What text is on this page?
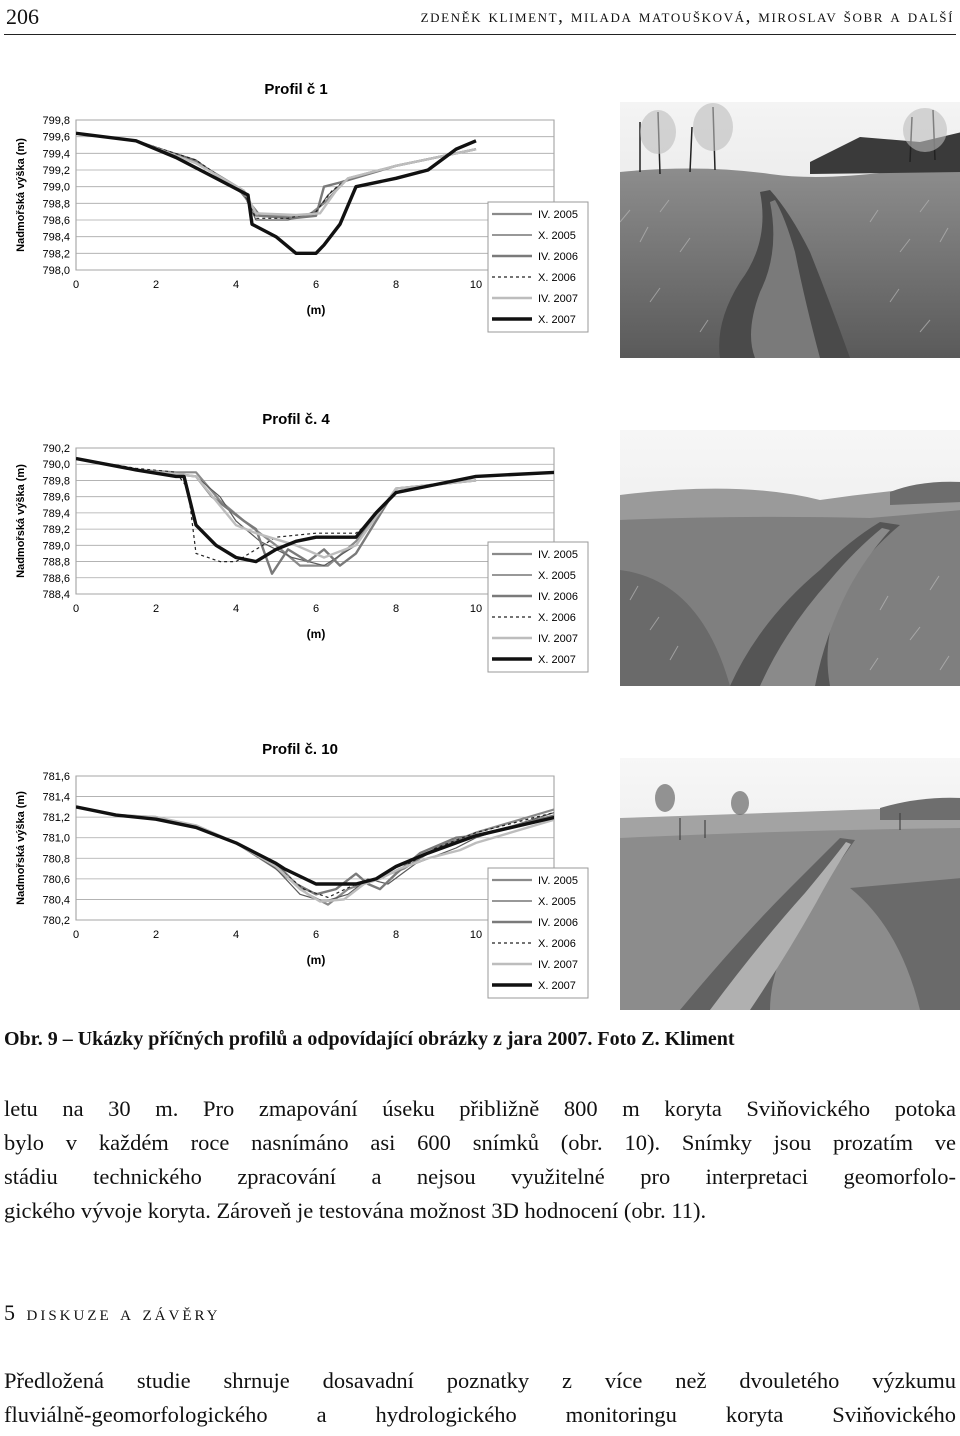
206	zdeněk kliment, milada matoušková, miroslav šobr a další
Profil č 1
799,8
799,6
799,4
799,2
799,0
798,8
798,6
798,4
798,2
798,0
0	2	4	6	8	10
(m)
Nadmořská výška (m)	IV. 2005
X. 2005
IV. 2006
X. 2006
IV. 2007
X. 2007
Profil č. 4
790,2
790,0
789,8
789,6
789,4
789,2
789,0
788,8
788,6
788,4
0	2	4	6	8	10
(m)
Nadmořská výška (m)	IV. 2005
X. 2005
IV. 2006
X. 2006
IV. 2007
X. 2007
Profil č. 10
781,6
781,4
781,2
781,0
780,8
780,6
780,4
780,2
0	2	4	6	8	10
(m)
Nadmořská výška (m)	IV. 2005
X. 2005
IV. 2006
X. 2006
IV. 2007
X. 2007
Obr. 9 – Ukázky příčných profilů a odpovídající obrázky z jara 2007. Foto Z. Kliment
letu na 30 m. Pro zmapování úseku přibližně 800 m koryta Sviňovického potoka
bylo v každém roce nasnímáno asi 600 snímků (obr. 10). Snímky jsou prozatím ve
stádiu technického zpracování a nejsou využitelné pro interpretaci geomorfolo-
gického vývoje koryta. Zároveň je testována možnost 3D hodnocení (obr. 11).
5 diskuze a závěry
Předložená studie shrnuje dosavadní poznatky z více než dvouletého výzkumu
fluviálně-geomorfologického a hydrologického monitoringu koryta Sviňovického
